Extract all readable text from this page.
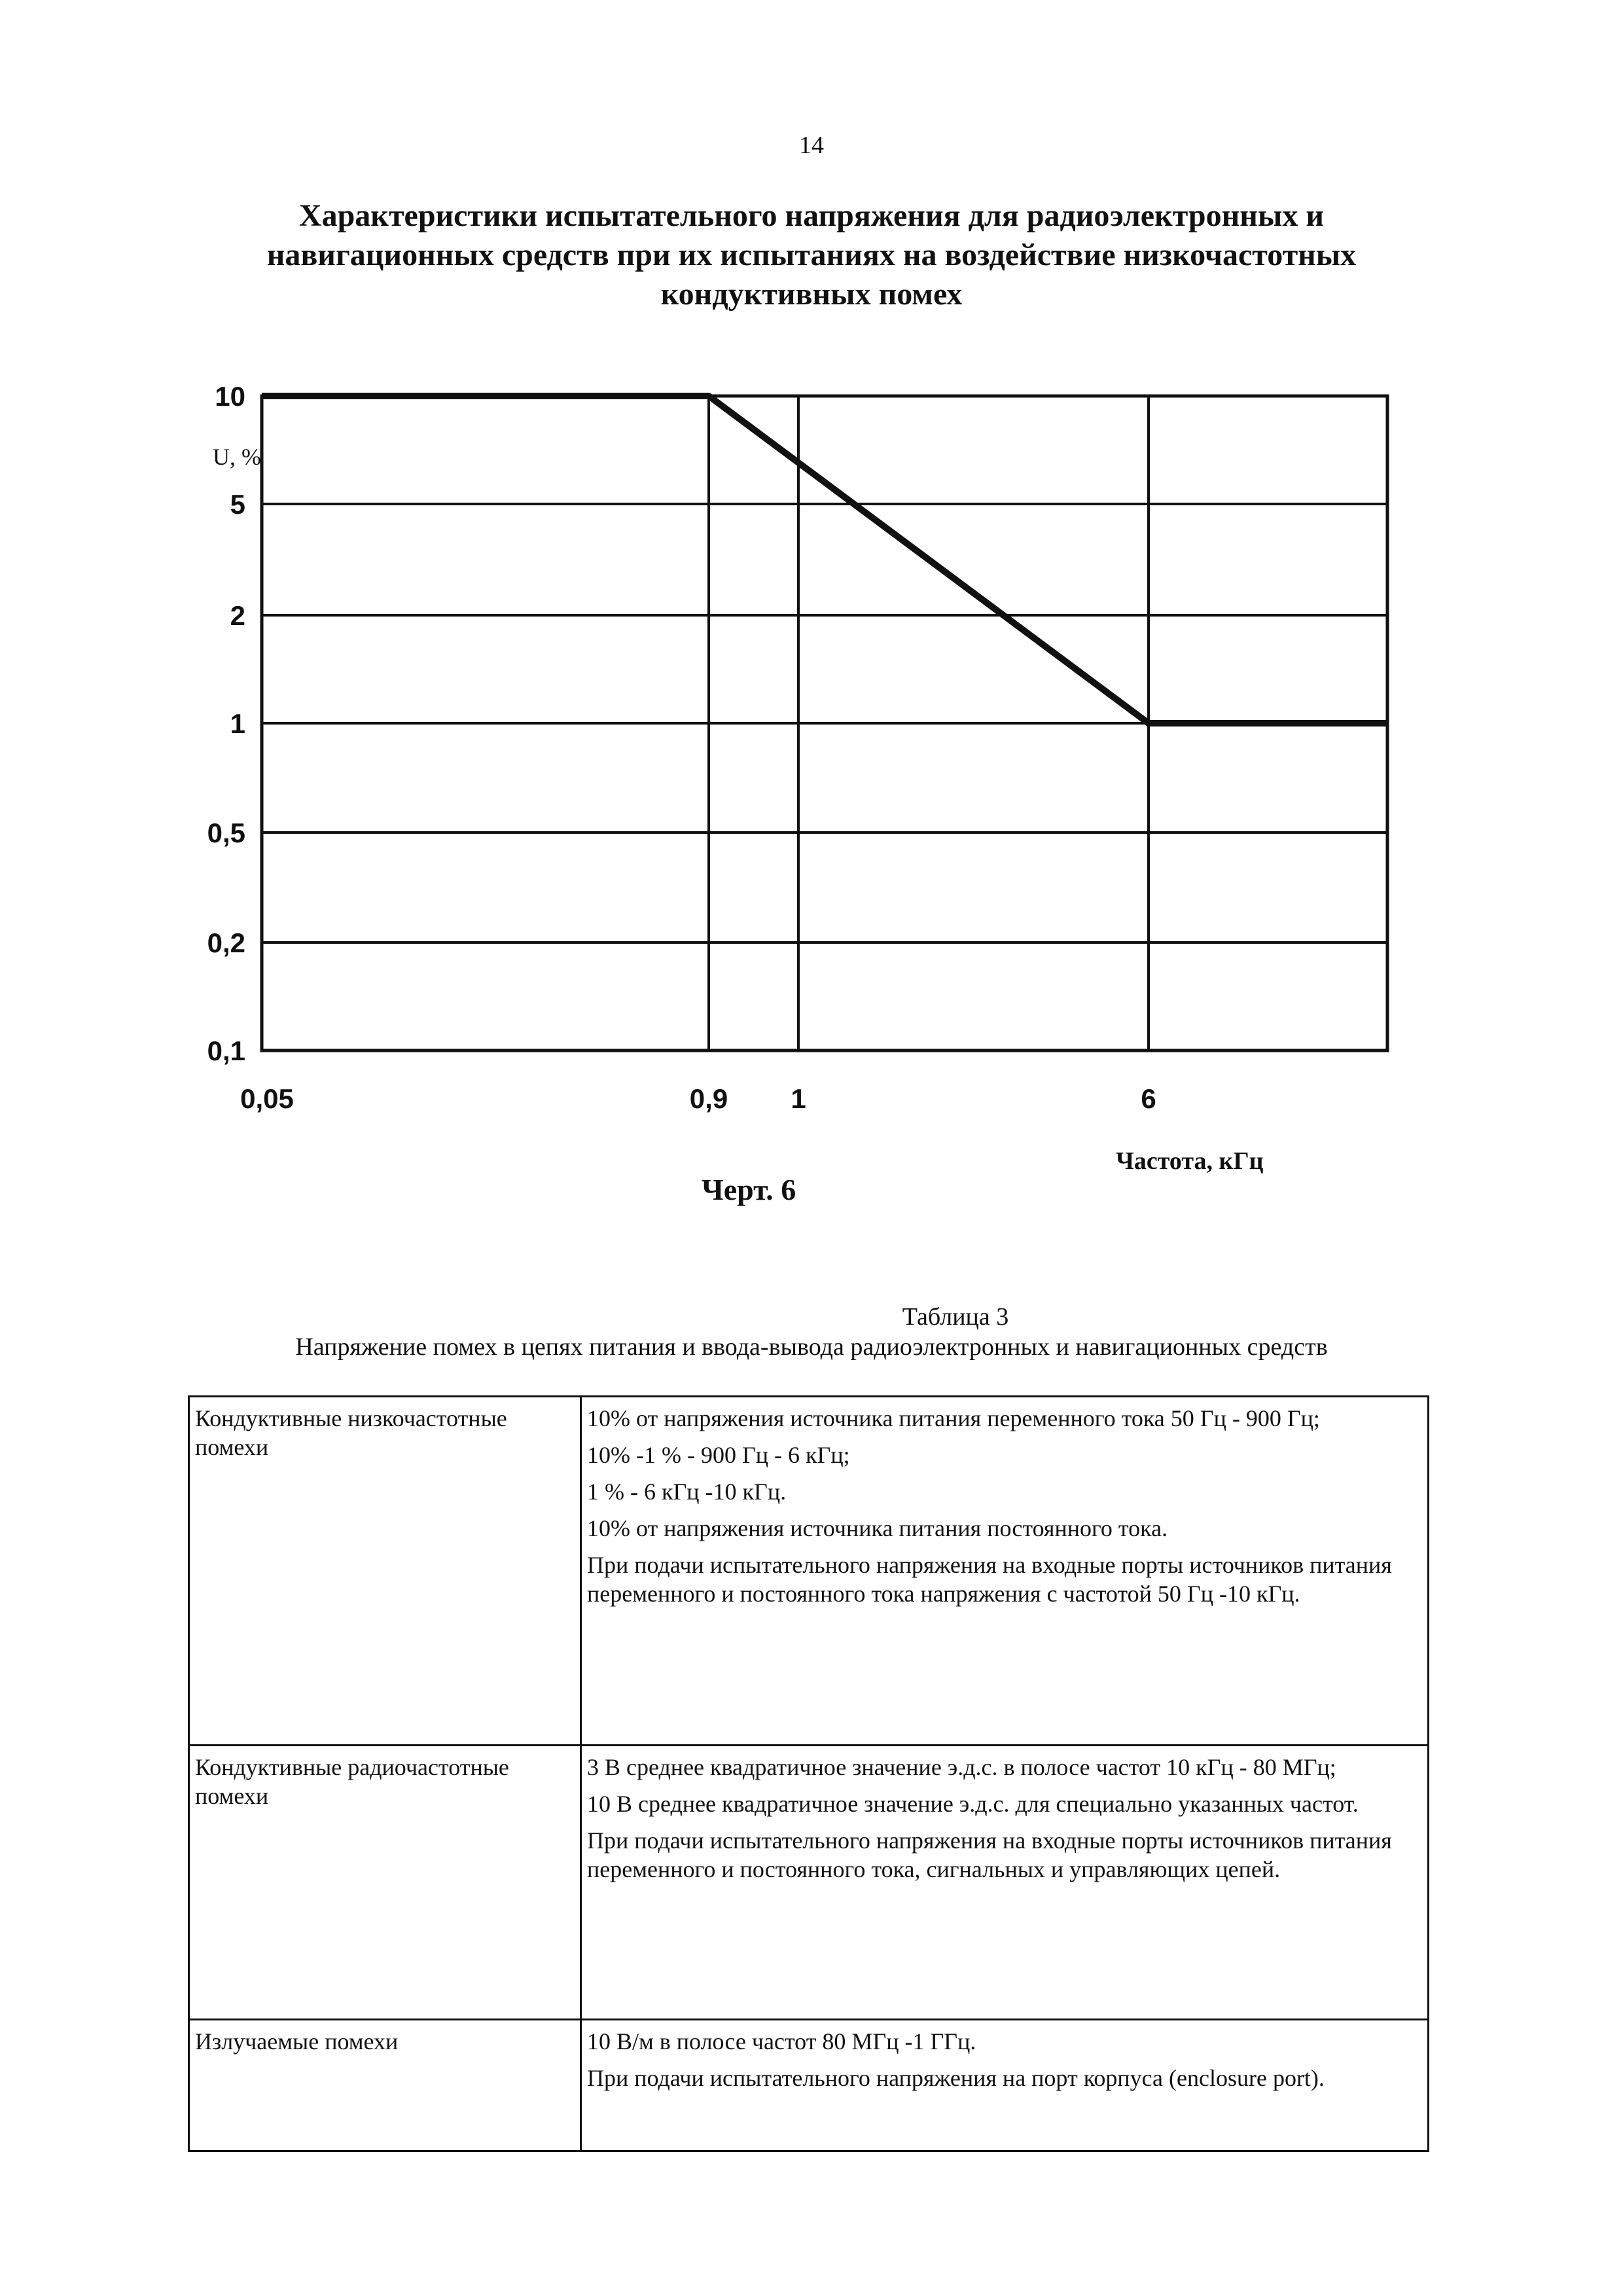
14
Характеристики испытательного напряжения для радиоэлектронных и
навигационных средств при их испытаниях на воздействие низкочастотных
кондуктивных помех
10
5
2
1
0,5
0,2
0,1
0,05	0,9 1	6
U, %
Частота, кГц
Черт. 6
Таблица 3
Напряжение помех в цепях питания и ввода-вывода радиоэлектронных и навигационных средств
Кондуктивные низкочастотные помехи	10% от напряжения источника питания переменного тока 50 Гц - 900 Гц;
10% -1 % - 900 Гц - 6 кГц;
1 % - 6 кГц -10 кГц.
10% от напряжения источника питания постоянного тока.
При подачи испытательного напряжения на входные порты источников питания переменного и постоянного тока напряжения с частотой 50 Гц -10 кГц.

Кондуктивные радиочастотные помехи	3 В среднее квадратичное значение э.д.с. в полосе частот 10 кГц - 80 МГц;
10 В среднее квадратичное значение э.д.с. для специально указанных частот.
При подачи испытательного напряжения на входные порты источников питания переменного и постоянного тока, сигнальных и управляющих цепей.

Излучаемые помехи	10 В/м в полосе частот 80 МГц -1 ГГц.
При подачи испытательного напряжения на порт корпуса (enclosure port).
